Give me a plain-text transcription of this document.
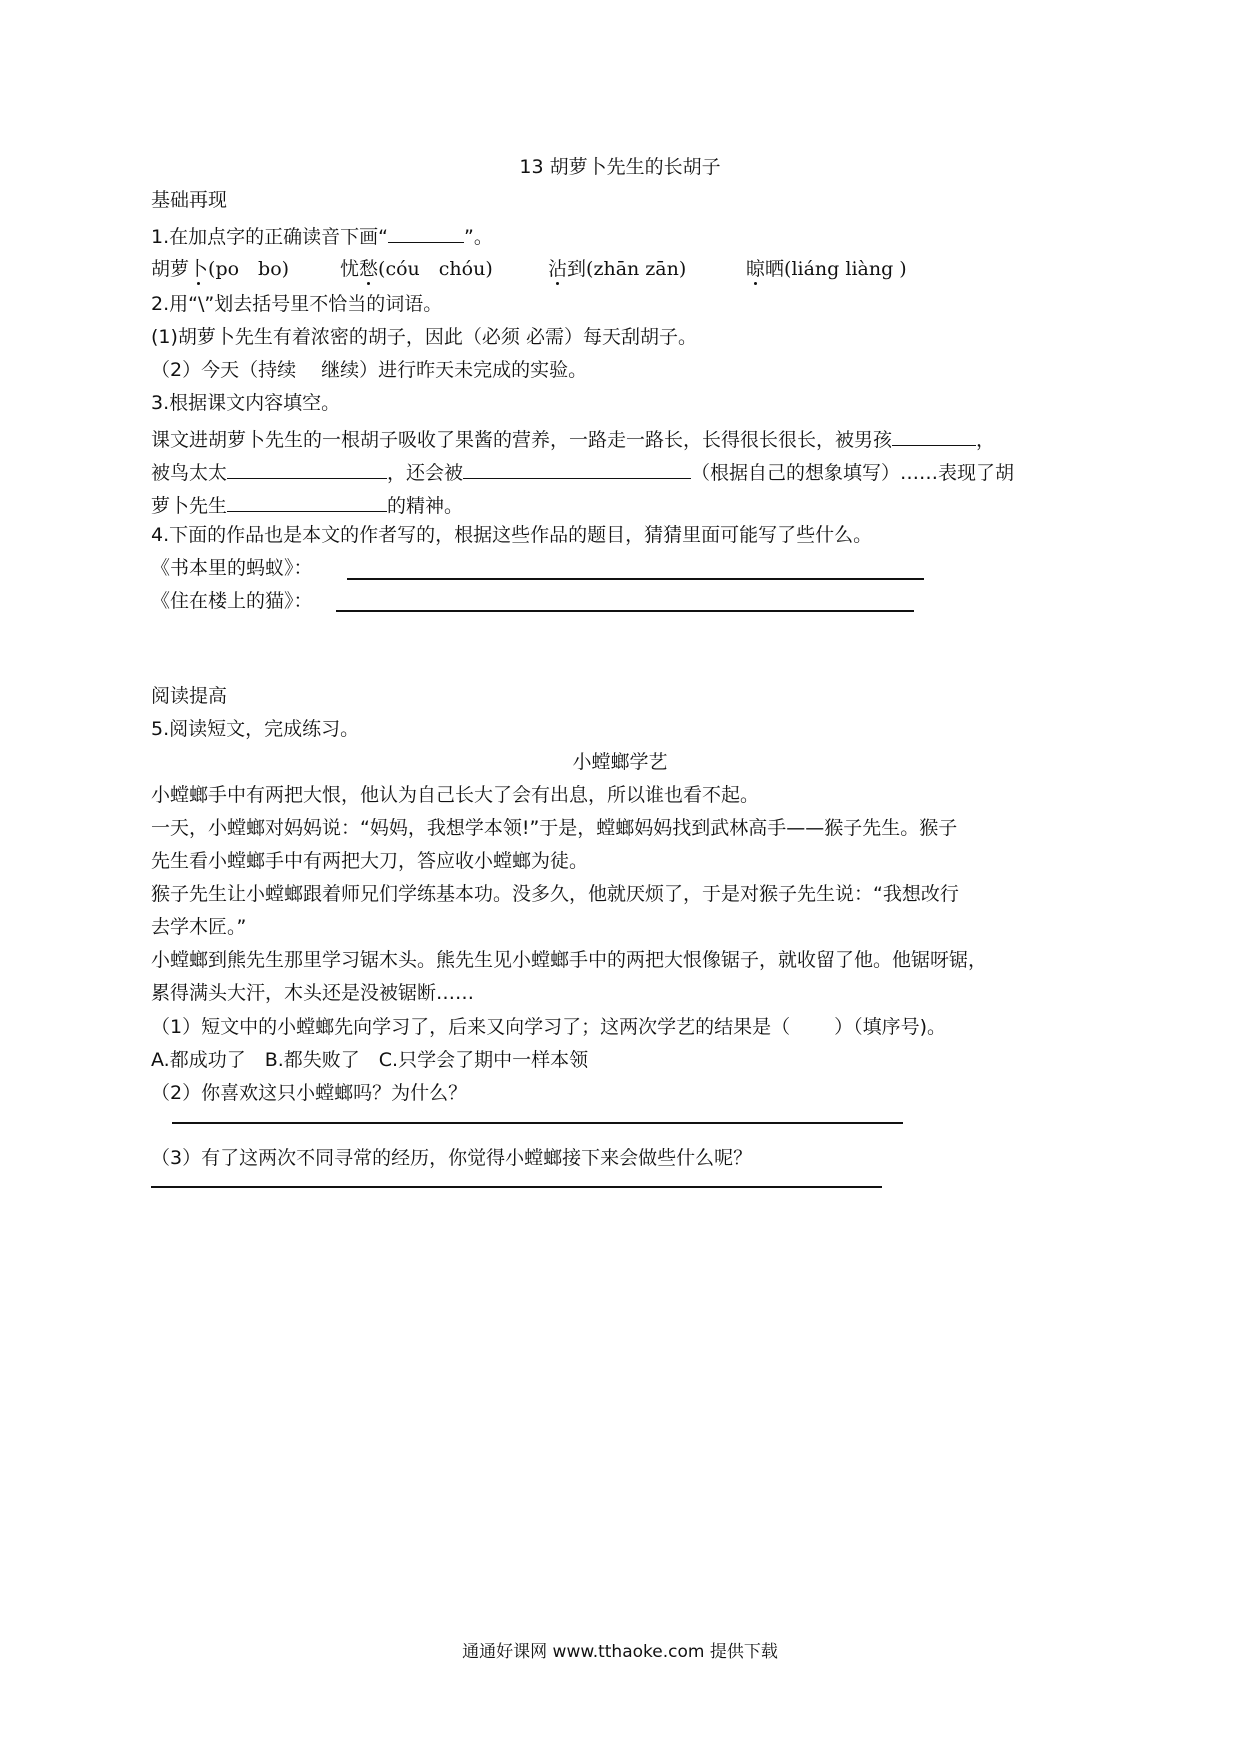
13 胡萝卜先生的长胡子
基础再现
1.在加点字的正确读音下画“	”。
胡萝卜(po　bo)	忧愁(cóu　chóu)	沾到(zhān zān)	晾晒(liáng liàng )
2.用“\”划去括号里不恰当的词语。
(1)胡萝卜先生有着浓密的胡子，因此（必须 必需）每天刮胡子。
（2）今天（持续　 继续）进行昨天未完成的实验。
3.根据课文内容填空。
课文进胡萝卜先生的一根胡子吸收了果酱的营养，一路走一路长，长得很长很长，被男孩	，
被鸟太太	，还会被	（根据自己的想象填写）……表现了胡
萝卜先生	的精神。
4.下面的作品也是本文的作者写的，根据这些作品的题目，猜猜里面可能写了些什么。
《书本里的蚂蚁》：
《住在楼上的猫》：
阅读提高
5.阅读短文，完成练习。
小螳螂学艺
小螳螂手中有两把大恨，他认为自己长大了会有出息，所以谁也看不起。
一天，小螳螂对妈妈说：“妈妈，我想学本领!”于是，螳螂妈妈找到武林高手——猴子先生。猴子
先生看小螳螂手中有两把大刀，答应收小螳螂为徒。
猴子先生让小螳螂跟着师兄们学练基本功。没多久，他就厌烦了，于是对猴子先生说：“我想改行
去学木匠。”
小螳螂到熊先生那里学习锯木头。熊先生见小螳螂手中的两把大恨像锯子，就收留了他。他锯呀锯，
累得满头大汗，木头还是没被锯断……
（1）短文中的小螳螂先向学习了，后来又向学习了；这两次学艺的结果是（　　 ）（填序号)。
A.都成功了　B.都失败了　C.只学会了期中一样本领
（2）你喜欢这只小螳螂吗？为什么？
（3）有了这两次不同寻常的经历，你觉得小螳螂接下来会做些什么呢？
通通好课网 www.tthaoke.com 提供下载
